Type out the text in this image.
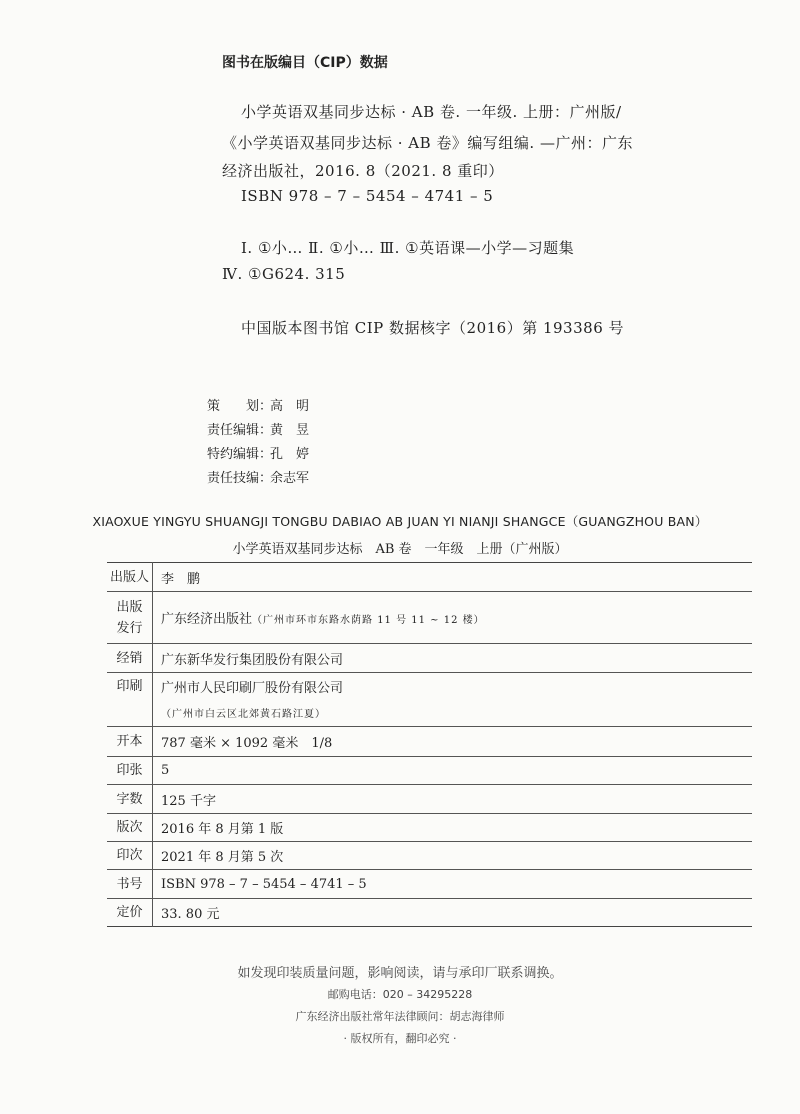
图书在版编目（CIP）数据
小学英语双基同步达标 · AB 卷. 一年级. 上册：广州版/
《小学英语双基同步达标 · AB 卷》编写组编. —广州：广东
经济出版社，2016. 8（2021. 8 重印）
ISBN 978 – 7 – 5454 – 4741 – 5
Ⅰ. ①小… Ⅱ. ①小… Ⅲ. ①英语课—小学—习题集
Ⅳ. ①G624. 315
中国版本图书馆 CIP 数据核字（2016）第 193386 号
策　　划：高　明
责任编辑：黄　昱
特约编辑：孔　婷
责任技编：余志军
XIAOXUE YINGYU SHUANGJI TONGBU DABIAO AB JUAN YI NIANJI SHANGCE（GUANGZHOU BAN）
小学英语双基同步达标　AB 卷　一年级　上册（广州版）
出版人	李　鹏
出版
发行	广东经济出版社（广州市环市东路水荫路 11 号 11 ~ 12 楼）
经销	广东新华发行集团股份有限公司
印刷	广州市人民印刷厂股份有限公司
	（广州市白云区北郊黄石路江夏）
开本	787 毫米 × 1092 毫米　1/8
印张	5
字数	125 千字
版次	2016 年 8 月第 1 版
印次	2021 年 8 月第 5 次
书号	ISBN 978 – 7 – 5454 – 4741 – 5
定价	33. 80 元
如发现印装质量问题，影响阅读，请与承印厂联系调换。
邮购电话：020 – 34295228
广东经济出版社常年法律顾问：胡志海律师
· 版权所有，翻印必究 ·
